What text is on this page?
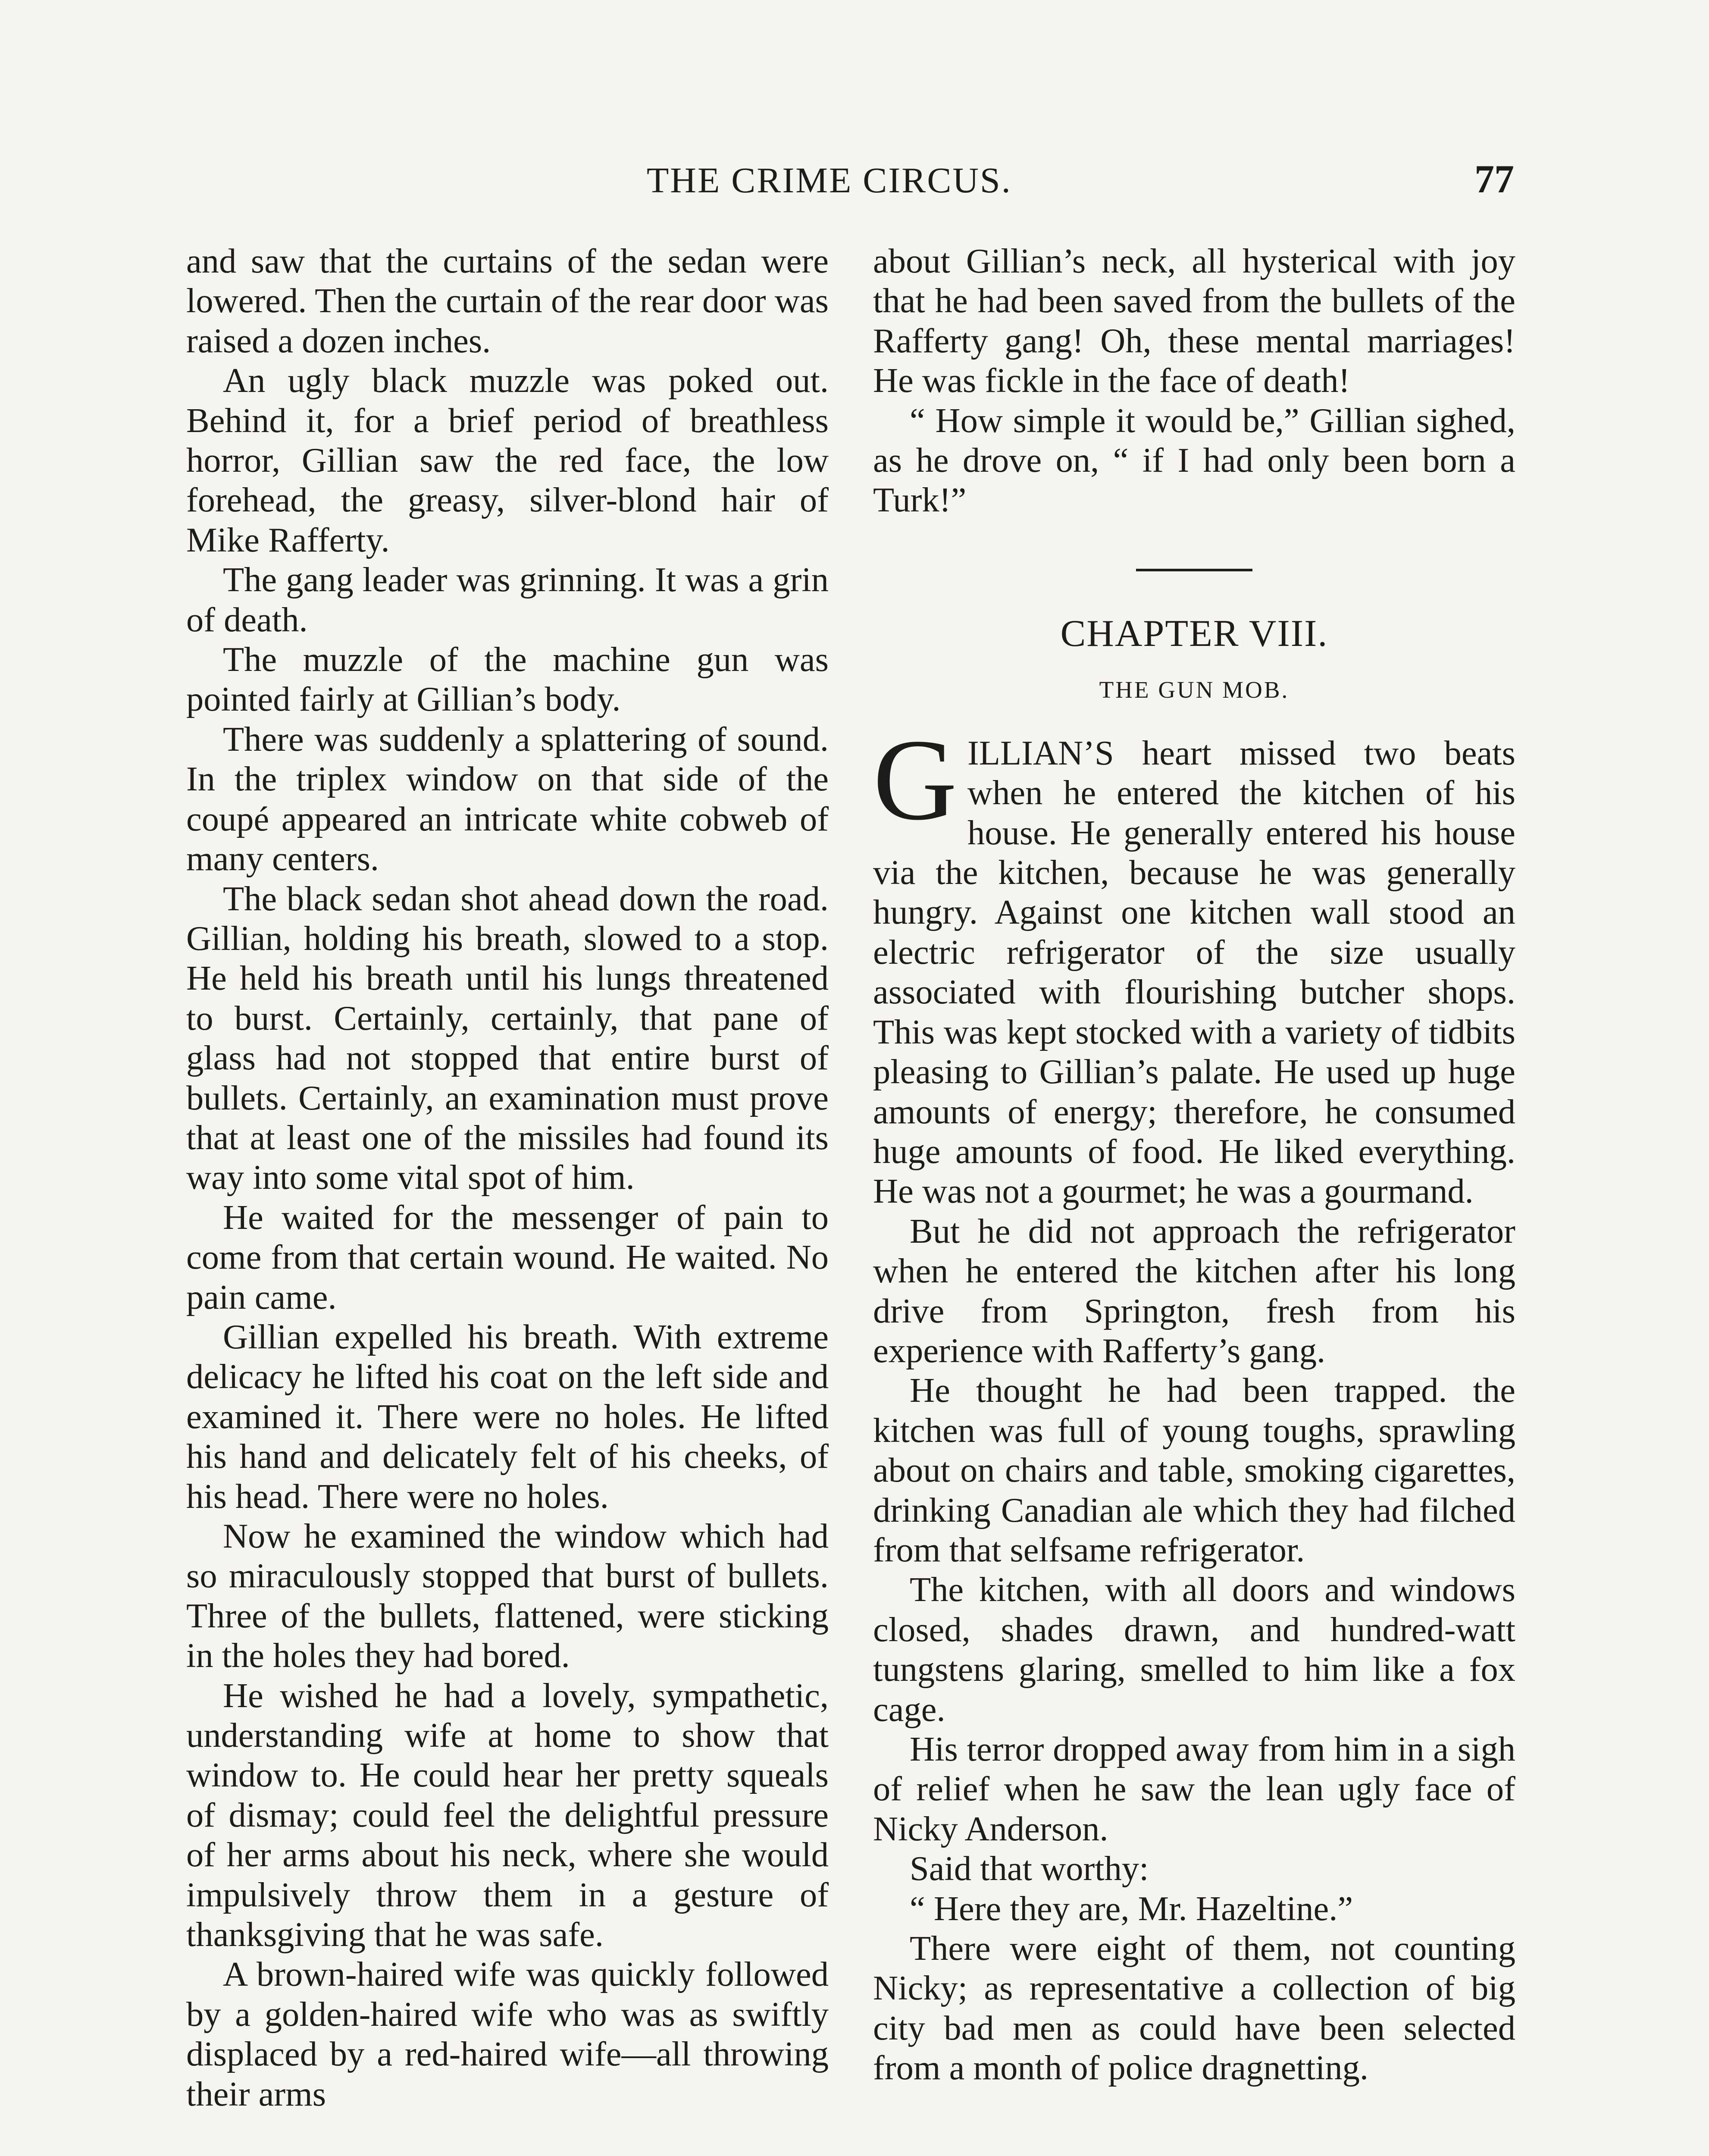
THE CRIME CIRCUS.	77

and saw that the curtains of the sedan were lowered. Then the curtain of the rear door was raised a dozen inches.

An ugly black muzzle was poked out. Behind it, for a brief period of breathless horror, Gillian saw the red face, the low forehead, the greasy, silver-blond hair of Mike Rafferty.

The gang leader was grinning. It was a grin of death.

The muzzle of the machine gun was pointed fairly at Gillian’s body.

There was suddenly a splattering of sound. In the triplex window on that side of the coupé appeared an intricate white cobweb of many centers.

The black sedan shot ahead down the road. Gillian, holding his breath, slowed to a stop. He held his breath until his lungs threatened to burst. Certainly, certainly, that pane of glass had not stopped that entire burst of bullets. Certainly, an examination must prove that at least one of the missiles had found its way into some vital spot of him.

He waited for the messenger of pain to come from that certain wound. He waited. No pain came.

Gillian expelled his breath. With extreme delicacy he lifted his coat on the left side and examined it. There were no holes. He lifted his hand and delicately felt of his cheeks, of his head. There were no holes.

Now he examined the window which had so miraculously stopped that burst of bullets. Three of the bullets, flattened, were sticking in the holes they had bored.

He wished he had a lovely, sympathetic, understanding wife at home to show that window to. He could hear her pretty squeals of dismay; could feel the delightful pressure of her arms about his neck, where she would impulsively throw them in a gesture of thanksgiving that he was safe.

A brown-haired wife was quickly followed by a golden-haired wife who was as swiftly displaced by a red-haired wife—all throwing their arms

about Gillian’s neck, all hysterical with joy that he had been saved from the bullets of the Rafferty gang! Oh, these mental marriages! He was fickle in the face of death!

“ How simple it would be,” Gillian sighed, as he drove on, “ if I had only been born a Turk!”

CHAPTER VIII.
THE GUN MOB.

G ILLIAN’S heart missed two beats when he entered the kitchen of his house. He generally entered his house via the kitchen, because he was generally hungry. Against one kitchen wall stood an electric refrigerator of the size usually associated with flourishing butcher shops. This was kept stocked with a variety of tidbits pleasing to Gillian’s palate. He used up huge amounts of energy; therefore, he consumed huge amounts of food. He liked everything. He was not a gourmet; he was a gourmand.

But he did not approach the refrigerator when he entered the kitchen after his long drive from Springton, fresh from his experience with Rafferty’s gang.

He thought he had been trapped. the kitchen was full of young toughs, sprawling about on chairs and table, smoking cigarettes, drinking Canadian ale which they had filched from that selfsame refrigerator.

The kitchen, with all doors and windows closed, shades drawn, and hundred-watt tungstens glaring, smelled to him like a fox cage.

His terror dropped away from him in a sigh of relief when he saw the lean ugly face of Nicky Anderson.

Said that worthy:

“ Here they are, Mr. Hazeltine.”

There were eight of them, not counting Nicky; as representative a collection of big city bad men as could have been selected from a month of police dragnetting.
